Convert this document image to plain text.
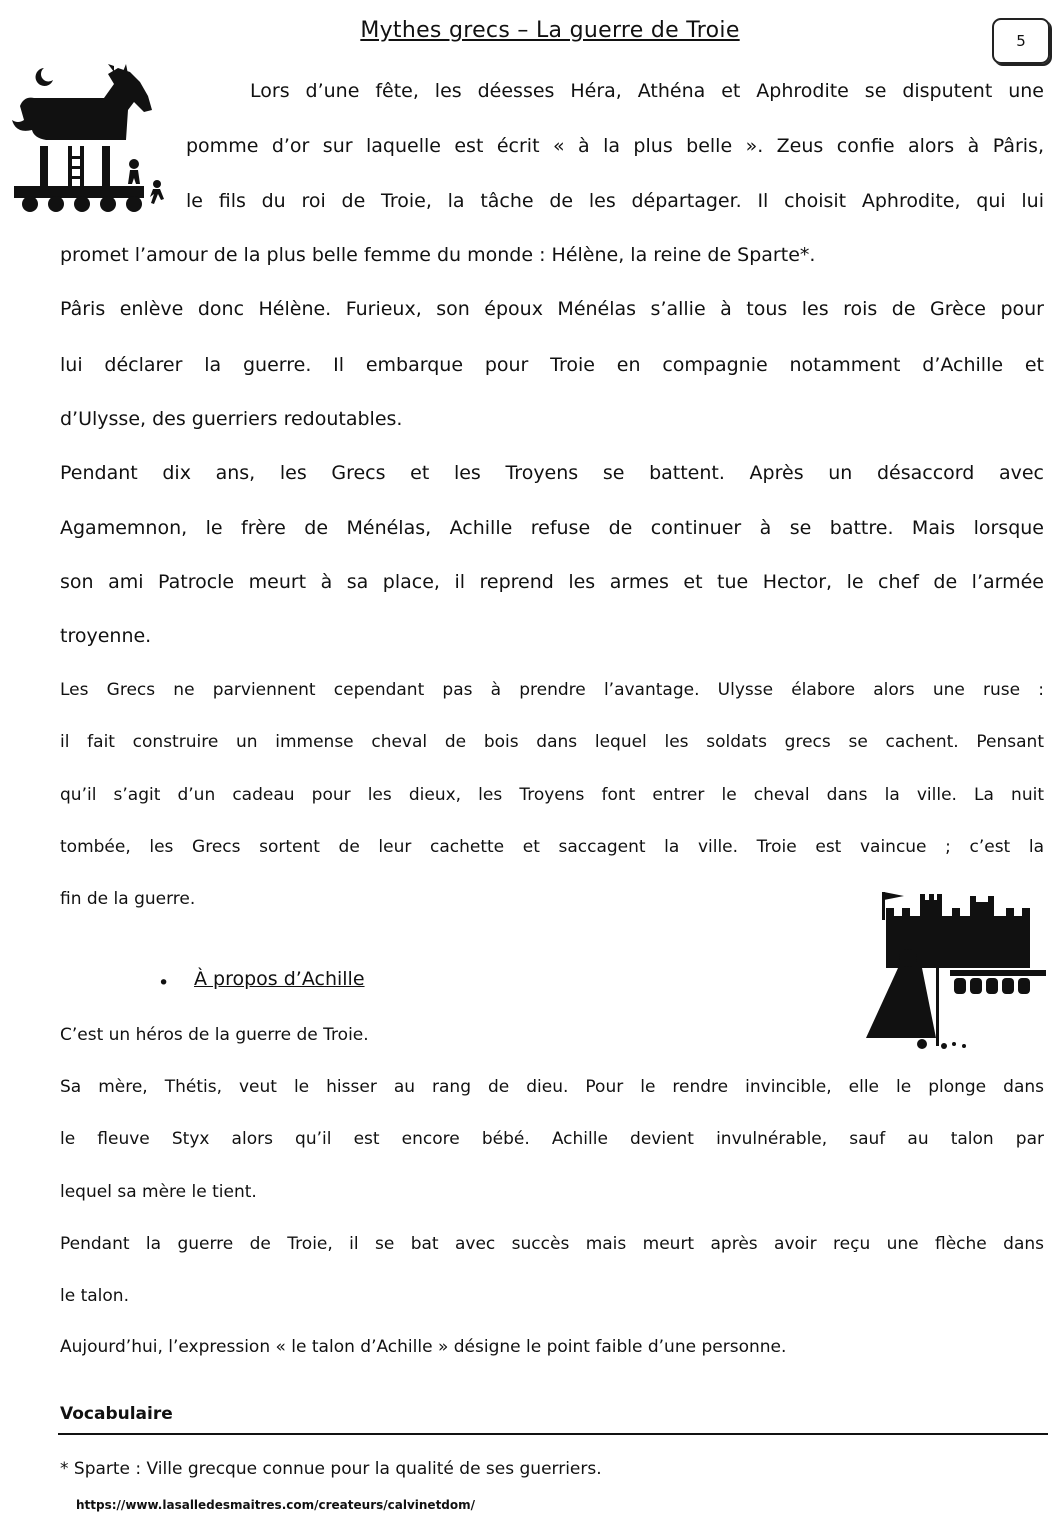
Mythes grecs – La guerre de Troie	5
Lors d’une fête, les déesses Héra, Athéna et Aphrodite se disputent une
pomme d’or sur laquelle est écrit « à la plus belle ». Zeus confie alors à Pâris,
le fils du roi de Troie, la tâche de les départager. Il choisit Aphrodite, qui lui
promet l’amour de la plus belle femme du monde : Hélène, la reine de Sparte*.
Pâris enlève donc Hélène. Furieux, son époux Ménélas s’allie à tous les rois de Grèce pour
lui déclarer la guerre. Il embarque pour Troie en compagnie notamment d’Achille et
d’Ulysse, des guerriers redoutables.
Pendant dix ans, les Grecs et les Troyens se battent. Après un désaccord avec
Agamemnon, le frère de Ménélas, Achille refuse de continuer à se battre. Mais lorsque
son ami Patrocle meurt à sa place, il reprend les armes et tue Hector, le chef de l’armée
troyenne.
Les Grecs ne parviennent cependant pas à prendre l’avantage. Ulysse élabore alors une ruse :
il fait construire un immense cheval de bois dans lequel les soldats grecs se cachent. Pensant
qu’il s’agit d’un cadeau pour les dieux, les Troyens font entrer le cheval dans la ville. La nuit
tombée, les Grecs sortent de leur cachette et saccagent la ville. Troie est vaincue ; c’est la
fin de la guerre.
• À propos d’Achille
C’est un héros de la guerre de Troie.
Sa mère, Thétis, veut le hisser au rang de dieu. Pour le rendre invincible, elle le plonge dans
le fleuve Styx alors qu’il est encore bébé. Achille devient invulnérable, sauf au talon par
lequel sa mère le tient.
Pendant la guerre de Troie, il se bat avec succès mais meurt après avoir reçu une flèche dans
le talon.
Aujourd’hui, l’expression « le talon d’Achille » désigne le point faible d’une personne.
Vocabulaire
* Sparte : Ville grecque connue pour la qualité de ses guerriers.
https://www.lasalledesmaitres.com/createurs/calvinetdom/
